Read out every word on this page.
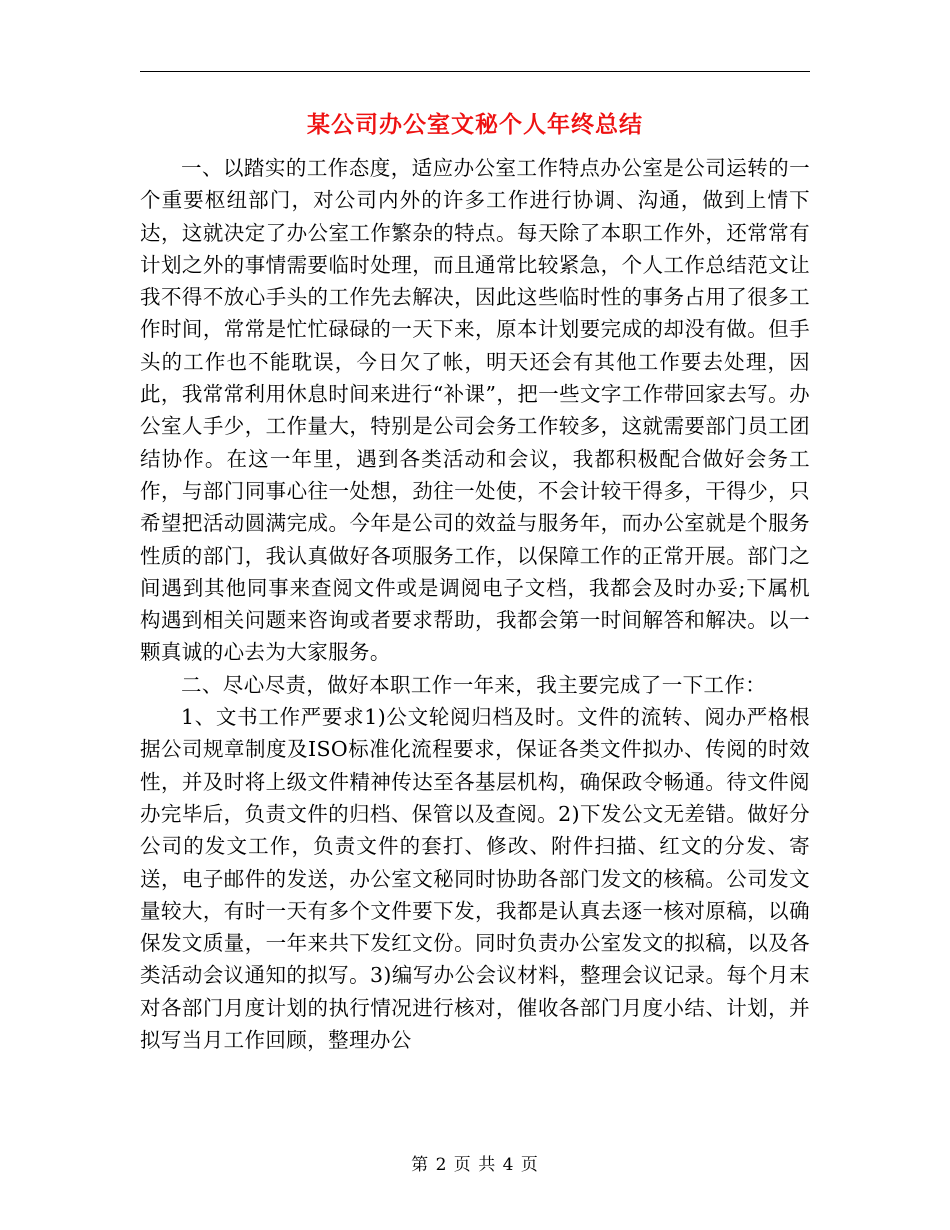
某公司办公室文秘个人年终总结

一、以踏实的工作态度，适应办公室工作特点办公室是公司运转的一个重要枢纽部门，对公司内外的许多工作进行协调、沟通，做到上情下达，这就决定了办公室工作繁杂的特点。每天除了本职工作外，还常常有计划之外的事情需要临时处理，而且通常比较紧急，个人工作总结范文让我不得不放心手头的工作先去解决，因此这些临时性的事务占用了很多工作时间，常常是忙忙碌碌的一天下来，原本计划要完成的却没有做。但手头的工作也不能耽误，今日欠了帐，明天还会有其他工作要去处理，因此，我常常利用休息时间来进行“补课”，把一些文字工作带回家去写。办公室人手少，工作量大，特别是公司会务工作较多，这就需要部门员工团结协作。在这一年里，遇到各类活动和会议，我都积极配合做好会务工作，与部门同事心往一处想，劲往一处使，不会计较干得多，干得少，只希望把活动圆满完成。今年是公司的效益与服务年，而办公室就是个服务性质的部门，我认真做好各项服务工作，以保障工作的正常开展。部门之间遇到其他同事来查阅文件或是调阅电子文档，我都会及时办妥;下属机构遇到相关问题来咨询或者要求帮助，我都会第一时间解答和解决。以一颗真诚的心去为大家服务。

二、尽心尽责，做好本职工作一年来，我主要完成了一下工作：

1、文书工作严要求1)公文轮阅归档及时。文件的流转、阅办严格根据公司规章制度及ISO标准化流程要求，保证各类文件拟办、传阅的时效性，并及时将上级文件精神传达至各基层机构，确保政令畅通。待文件阅办完毕后，负责文件的归档、保管以及查阅。2)下发公文无差错。做好分公司的发文工作，负责文件的套打、修改、附件扫描、红文的分发、寄送，电子邮件的发送，办公室文秘同时协助各部门发文的核稿。公司发文量较大，有时一天有多个文件要下发，我都是认真去逐一核对原稿，以确保发文质量，一年来共下发红文份。同时负责办公室发文的拟稿，以及各类活动会议通知的拟写。3)编写办公会议材料，整理会议记录。每个月末对各部门月度计划的执行情况进行核对，催收各部门月度小结、计划，并拟写当月工作回顾，整理办公

第 2 页 共 4 页
